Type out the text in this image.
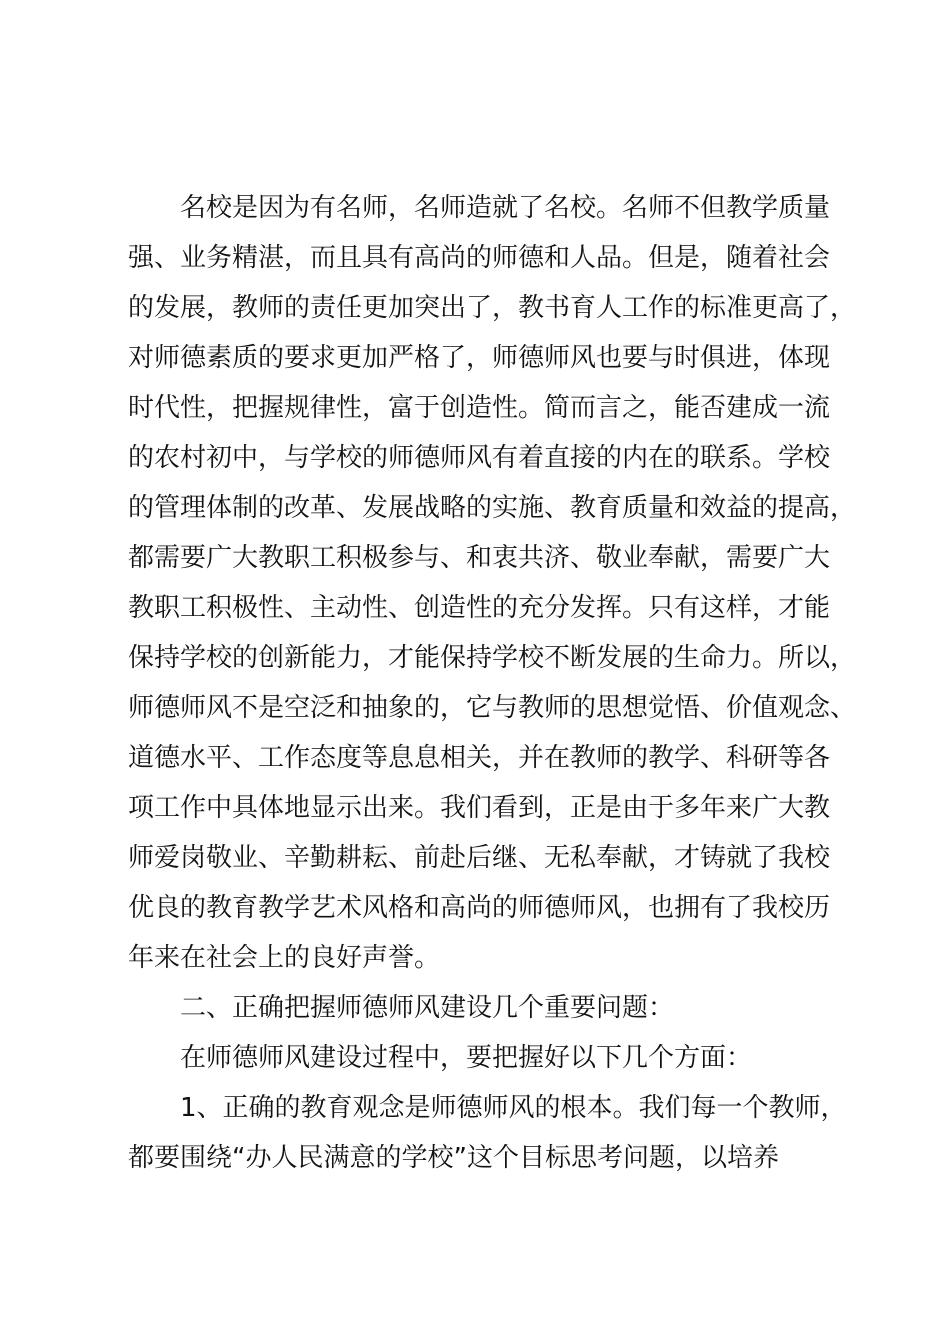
名校是因为有名师，名师造就了名校。名师不但教学质量
强、业务精湛，而且具有高尚的师德和人品。但是，随着社会
的发展，教师的责任更加突出了，教书育人工作的标准更高了，
对师德素质的要求更加严格了，师德师风也要与时俱进，体现
时代性，把握规律性，富于创造性。简而言之，能否建成一流
的农村初中，与学校的师德师风有着直接的内在的联系。学校
的管理体制的改革、发展战略的实施、教育质量和效益的提高，
都需要广大教职工积极参与、和衷共济、敬业奉献，需要广大
教职工积极性、主动性、创造性的充分发挥。只有这样，才能
保持学校的创新能力，才能保持学校不断发展的生命力。所以，
师德师风不是空泛和抽象的，它与教师的思想觉悟、价值观念、
道德水平、工作态度等息息相关，并在教师的教学、科研等各
项工作中具体地显示出来。我们看到，正是由于多年来广大教
师爱岗敬业、辛勤耕耘、前赴后继、无私奉献，才铸就了我校
优良的教育教学艺术风格和高尚的师德师风，也拥有了我校历
年来在社会上的良好声誉。
二、正确把握师德师风建设几个重要问题：
在师德师风建设过程中，要把握好以下几个方面：
1、正确的教育观念是师德师风的根本。我们每一个教师，
都要围绕“办人民满意的学校”这个目标思考问题，以培养
